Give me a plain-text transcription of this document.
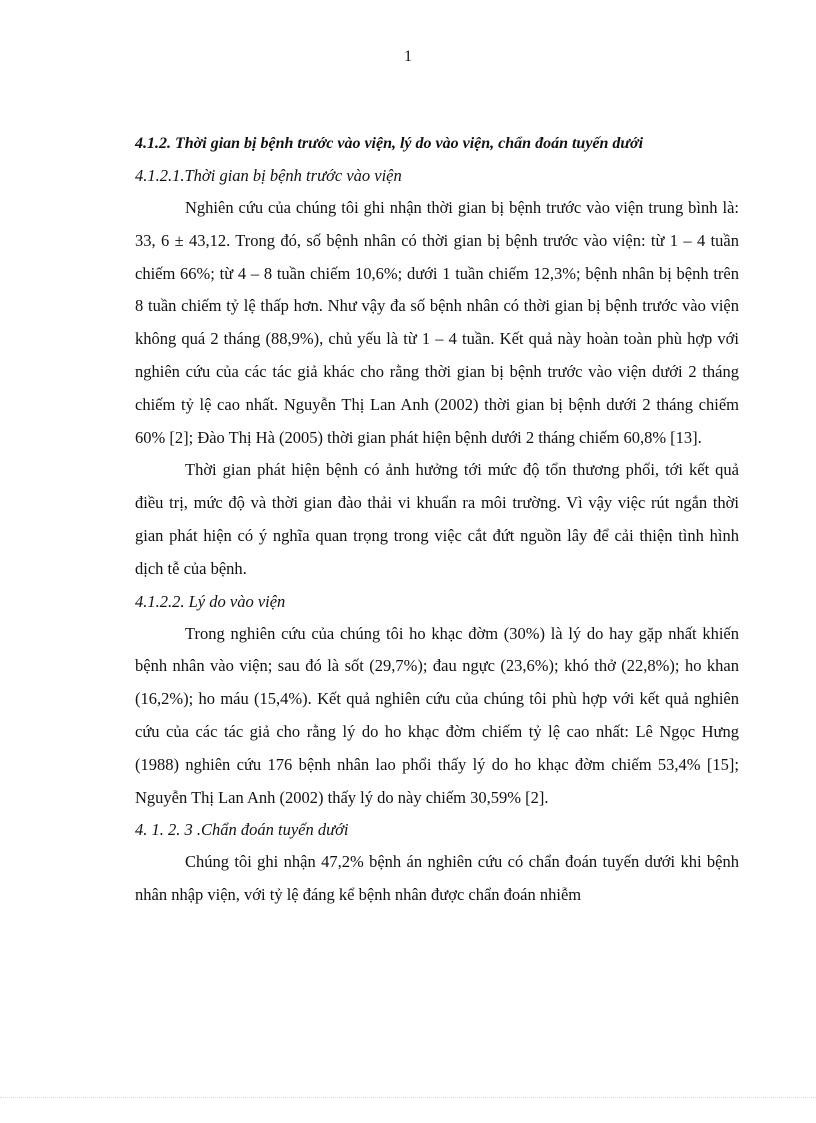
1

4.1.2. Thời gian bị bệnh trước vào viện, lý do vào viện, chẩn đoán tuyến dưới

4.1.2.1.Thời gian bị bệnh trước vào viện

Nghiên cứu của chúng tôi ghi nhận thời gian bị bệnh trước vào viện trung bình là: 33, 6 ± 43,12. Trong đó, số bệnh nhân có thời gian bị bệnh trước vào viện: từ 1 – 4 tuần chiếm 66%; từ 4 – 8 tuần chiếm 10,6%; dưới 1 tuần chiếm 12,3%; bệnh nhân bị bệnh trên 8 tuần chiếm tỷ lệ thấp hơn. Như vậy đa số bệnh nhân có thời gian bị bệnh trước vào viện không quá 2 tháng (88,9%), chủ yếu là từ 1 – 4 tuần. Kết quả này hoàn toàn phù hợp với nghiên cứu của các tác giả khác cho rằng thời gian bị bệnh trước vào viện dưới 2 tháng chiếm tỷ lệ cao nhất. Nguyễn Thị Lan Anh (2002) thời gian bị bệnh dưới 2 tháng chiếm 60% [2]; Đào Thị Hà (2005) thời gian phát hiện bệnh dưới 2 tháng chiếm 60,8% [13].

Thời gian phát hiện bệnh có ảnh hưởng tới mức độ tổn thương phổi, tới kết quả điều trị, mức độ và thời gian đào thải vi khuẩn ra môi trường. Vì vậy việc rút ngắn thời gian phát hiện có ý nghĩa quan trọng trong việc cắt đứt nguồn lây để cải thiện tình hình dịch tễ của bệnh.

4.1.2.2. Lý do vào viện

Trong nghiên cứu của chúng tôi ho khạc đờm (30%) là lý do hay gặp nhất khiến bệnh nhân vào viện; sau đó là sốt (29,7%); đau ngực (23,6%); khó thở (22,8%); ho khan (16,2%); ho máu (15,4%). Kết quả nghiên cứu của chúng tôi phù hợp với kết quả nghiên cứu của các tác giả cho rằng lý do ho khạc đờm chiếm tỷ lệ cao nhất: Lê Ngọc Hưng (1988) nghiên cứu 176 bệnh nhân lao phổi thấy lý do ho khạc đờm chiếm 53,4% [15]; Nguyễn Thị Lan Anh (2002) thấy lý do này chiếm 30,59% [2].

4. 1. 2. 3 .Chẩn đoán tuyến dưới

Chúng tôi ghi nhận 47,2% bệnh án nghiên cứu có chẩn đoán tuyến dưới khi bệnh nhân nhập viện, với tỷ lệ đáng kể bệnh nhân được chẩn đoán nhiễm
